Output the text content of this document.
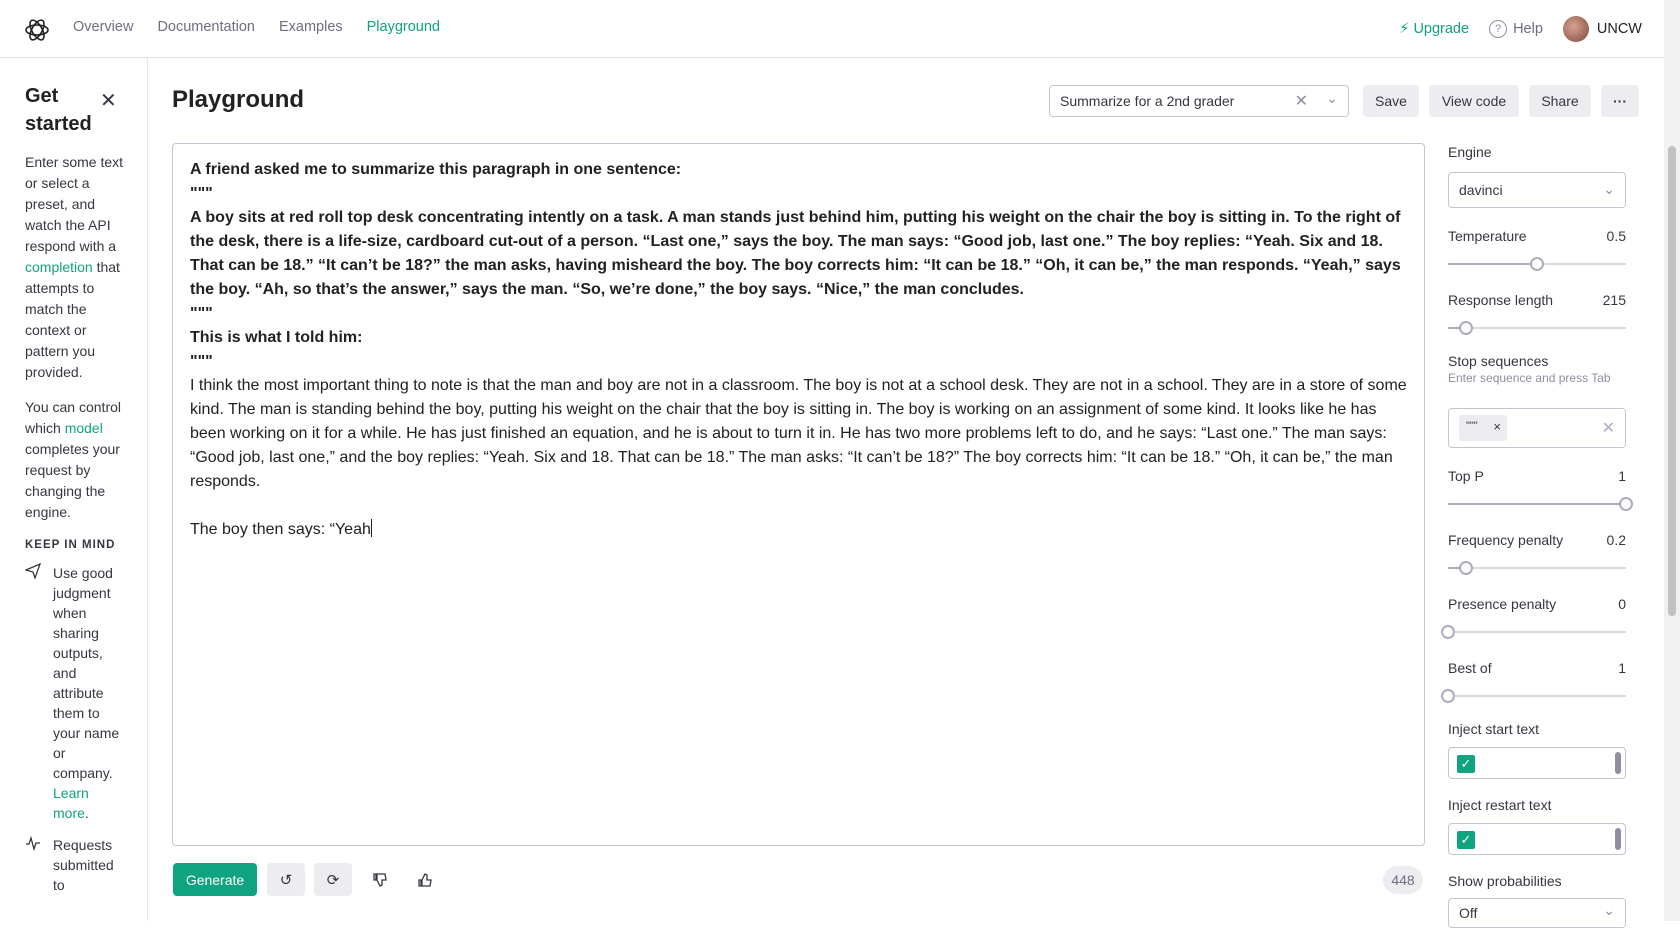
Overview Documentation Examples Playground	⚡ Upgrade	? Help	UNCW
Get started
✕
Enter some text or select a preset, and watch the API respond with a completion that attempts to match the context or pattern you provided.
You can control which model completes your request by changing the engine.
KEEP IN MIND
Use good judgment when sharing outputs, and attribute them to your name or company. Learn more.
Requests submitted to
Playground	Summarize for a 2nd grader	✕ ⌄	Save	View code	Share	···

A friend asked me to summarize this paragraph in one sentence:

"""

A boy sits at red roll top desk concentrating intently on a task. A man stands just behind him, putting his weight on the chair the boy is sitting in. To the right of the desk, there is a life-size, cardboard cut-out of a person. “Last one,” says the boy. The man says: “Good job, last one.” The boy replies: “Yeah. Six and 18. That can be 18.” “It can’t be 18?” the man asks, having misheard the boy. The boy corrects him: “It can be 18.” “Oh, it can be,” the man responds. “Yeah,” says the boy. “Ah, so that’s the answer,” says the man. “So, we’re done,” the boy says. “Nice,” the man concludes.

"""

This is what I told him:

"""

I think the most important thing to note is that the man and boy are not in a classroom. The boy is not at a school desk. They are not in a school. They are in a store of some kind. The man is standing behind the boy, putting his weight on the chair that the boy is sitting in. The boy is working on an assignment of some kind. It looks like he has been working on it for a while. He has just finished an equation, and he is about to turn it in. He has two more problems left to do, and he says: “Last one.” The man says: “Good job, last one,” and the boy replies: “Yeah. Six and 18. That can be 18.” The man asks: “It can’t be 18?” The boy corrects him: “It can be 18.” “Oh, it can be,” the man responds.

The boy then says: “Yeah

Generate	↺ ⟳	448
Engine
davinci	⌄
Temperature	0.5
Response length	215
Stop sequences
Enter sequence and press Tab
""" ×	✕
Top P	1
Frequency penalty	0.2
Presence penalty	0
Best of	1
Inject start text
✓
Inject restart text
✓
Show probabilities
Off	⌄
